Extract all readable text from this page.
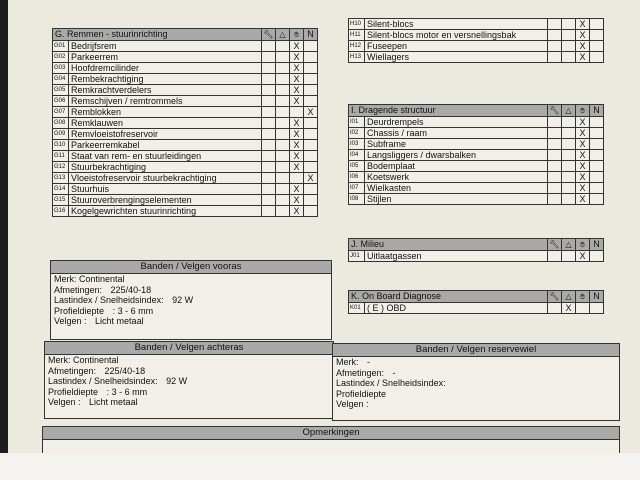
G. Remmen - stuurinrichting		🔧︎	△	✋︎	N
G01	Bedrijfsrem			X	
G02	Parkeerrem			X	
G03	Hoofdremcilinder			X	
G04	Rembekrachtiging			X	
G05	Remkrachtverdelers			X	
G06	Remschijven / remtrommels			X	
G07	Remblokken				X
G08	Remklauwen			X	
G09	Remvloeistofreservoir			X	
G10	Parkeerremkabel			X	
G11	Staat van rem- en stuurleidingen			X	
G12	Stuurbekrachtiging			X	
G13	Vloeistofreservoir stuurbekrachtiging				X
G14	Stuurhuis			X	
G15	Stuuroverbrengingselementen			X	
G16	Kogelgewrichten stuurinrichting			X	
H10	Silent-blocs			X	
H11	Silent-blocs motor en versnellingsbak			X	
H12	Fuseepen			X	
H13	Wiellagers			X	
I. Dragende structuur		🔧︎	△	✋︎	N
I01	Deurdrempels			X	
I02	Chassis / raam			X	
I03	Subframe			X	
I04	Langsliggers / dwarsbalken			X	
I05	Bodemplaat			X	
I06	Koetswerk			X	
I07	Wielkasten			X	
I08	Stijlen			X	
J. Milieu		🔧︎	△	✋︎	N
J01	Uitlaatgassen			X	
K. On Board Diagnose		🔧︎	△	✋︎	N
K01	( E ) OBD		X		
Banden / Velgen vooras
Merk: Continental
Afmetingen: 225/40-18
Lastindex / Snelheidsindex: 92 W
Profieldiepte : 3 - 6 mm
Velgen : Licht metaal
Banden / Velgen achteras
Merk: Continental
Afmetingen: 225/40-18
Lastindex / Snelheidsindex: 92 W
Profieldiepte : 3 - 6 mm
Velgen : Licht metaal
Banden / Velgen reservewiel
Merk: -
Afmetingen: -
Lastindex / Snelheidsindex:
Profieldiepte
Velgen :
Opmerkingen
